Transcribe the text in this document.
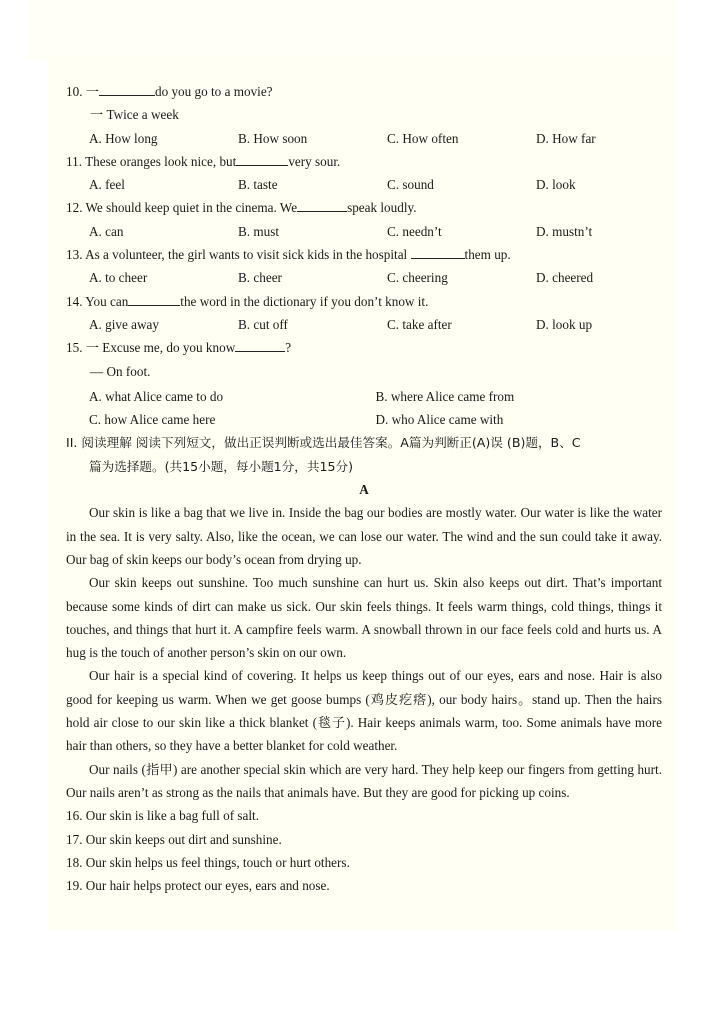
10. 一	do you go to a movie?

一 Twice a week

A. How long	B. How soon	C. How often	D. How far

11. These oranges look nice, but	very sour.

A. feel	B. taste	C. sound	D. look

12. We should keep quiet in the cinema. We	speak loudly.

A. can	B. must	C. needn’t	D. mustn’t

13. As a volunteer, the girl wants to visit sick kids in the hospital	them up.

A. to cheer	B. cheer	C. cheering	D. cheered

14. You can	the word in the dictionary if you don’t know it.

A. give away	B. cut off	C. take after	D. look up

15. 一 Excuse me, do you know	?

— On foot.

A. what Alice came to do	B. where Alice came from

C. how Alice came here	D. who Alice came with

II. 阅读理解 阅读下列短文，做出正误判断或选出最佳答案。A篇为判断正(A)误 (B)题，B、C

篇为选择题。(共15小题，每小题1分，共15分)

A

Our skin is like a bag that we live in. Inside the bag our bodies are mostly water. Our water is like the water in the sea. It is very salty. Also, like the ocean, we can lose our water. The wind and the sun could take it away. Our bag of skin keeps our body’s ocean from drying up.

Our skin keeps out sunshine. Too much sunshine can hurt us. Skin also keeps out dirt. That’s important because some kinds of dirt can make us sick. Our skin feels things. It feels warm things, cold things, things it touches, and things that hurt it. A campfire feels warm. A snowball thrown in our face feels cold and hurts us. A hug is the touch of another person’s skin on our own.

Our hair is a special kind of covering. It helps us keep things out of our eyes, ears and nose. Hair is also good for keeping us warm. When we get goose bumps (鸡皮疙瘩), our body hairs。stand up. Then the hairs hold air close to our skin like a thick blanket (毯子). Hair keeps animals warm, too. Some animals have more hair than others, so they have a better blanket for cold weather.

Our nails (指甲) are another special skin which are very hard. They help keep our fingers from getting hurt. Our nails aren’t as strong as the nails that animals have. But they are good for picking up coins.

16. Our skin is like a bag full of salt.

17. Our skin keeps out dirt and sunshine.

18. Our skin helps us feel things, touch or hurt others.

19. Our hair helps protect our eyes, ears and nose.
